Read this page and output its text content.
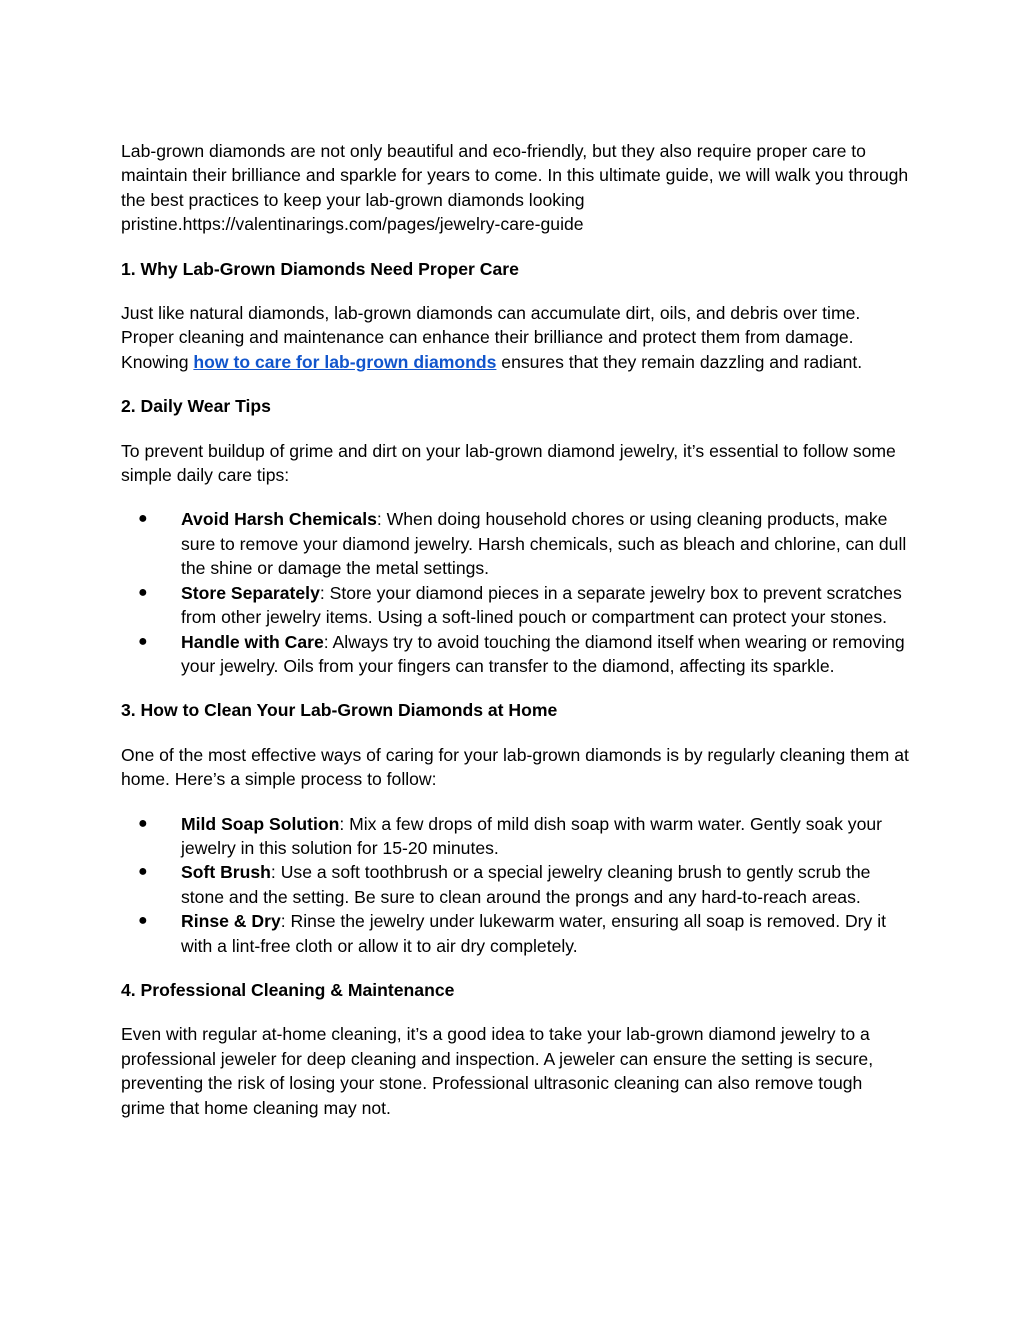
Lab-grown diamonds are not only beautiful and eco-friendly, but they also require proper care to maintain their brilliance and sparkle for years to come. In this ultimate guide, we will walk you through the best practices to keep your lab-grown diamonds looking pristine.https://valentinarings.com/pages/jewelry-care-guide

1. Why Lab-Grown Diamonds Need Proper Care

Just like natural diamonds, lab-grown diamonds can accumulate dirt, oils, and debris over time. Proper cleaning and maintenance can enhance their brilliance and protect them from damage. Knowing how to care for lab-grown diamonds ensures that they remain dazzling and radiant.

2. Daily Wear Tips

To prevent buildup of grime and dirt on your lab-grown diamond jewelry, it’s essential to follow some simple daily care tips:

● Avoid Harsh Chemicals: When doing household chores or using cleaning products, make sure to remove your diamond jewelry. Harsh chemicals, such as bleach and chlorine, can dull the shine or damage the metal settings.
● Store Separately: Store your diamond pieces in a separate jewelry box to prevent scratches from other jewelry items. Using a soft-lined pouch or compartment can protect your stones.
● Handle with Care: Always try to avoid touching the diamond itself when wearing or removing your jewelry. Oils from your fingers can transfer to the diamond, affecting its sparkle.
3. How to Clean Your Lab-Grown Diamonds at Home

One of the most effective ways of caring for your lab-grown diamonds is by regularly cleaning them at home. Here’s a simple process to follow:

● Mild Soap Solution: Mix a few drops of mild dish soap with warm water. Gently soak your jewelry in this solution for 15-20 minutes.
● Soft Brush: Use a soft toothbrush or a special jewelry cleaning brush to gently scrub the stone and the setting. Be sure to clean around the prongs and any hard-to-reach areas.
● Rinse & Dry: Rinse the jewelry under lukewarm water, ensuring all soap is removed. Dry it with a lint-free cloth or allow it to air dry completely.
4. Professional Cleaning & Maintenance

Even with regular at-home cleaning, it’s a good idea to take your lab-grown diamond jewelry to a professional jeweler for deep cleaning and inspection. A jeweler can ensure the setting is secure, preventing the risk of losing your stone. Professional ultrasonic cleaning can also remove tough grime that home cleaning may not.
